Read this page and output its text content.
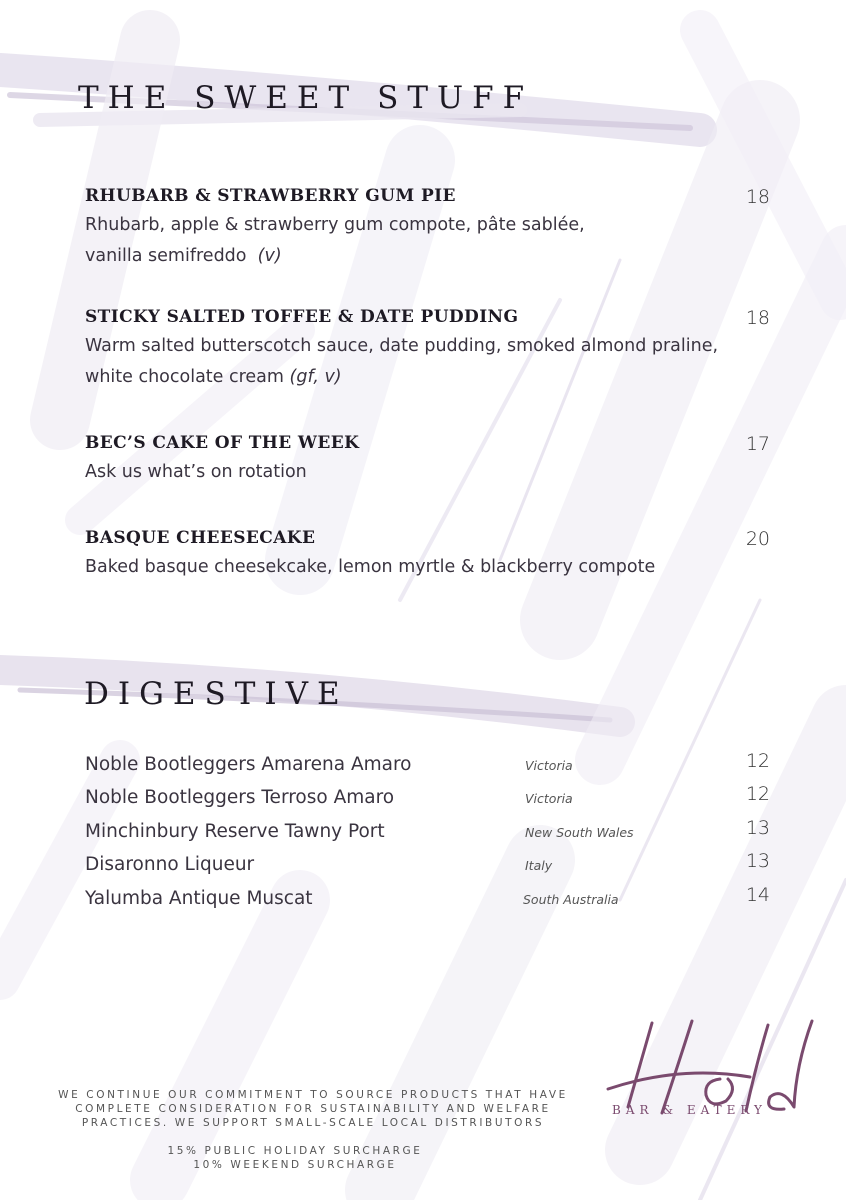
THE SWEET STUFF
RHUBARB & STRAWBERRY GUM PIE
Rhubarb, apple & strawberry gum compote, pâte sablée,
vanilla semifreddo (v)
18
STICKY SALTED TOFFEE & DATE PUDDING
Warm salted butterscotch sauce, date pudding, smoked almond praline,
white chocolate cream (gf, v)
18
BEC’S CAKE OF THE WEEK
Ask us what’s on rotation
17
BASQUE CHEESECAKE
Baked basque cheesekcake, lemon myrtle & blackberry compote
20
DIGESTIVE
Noble Bootleggers Amarena Amaro	Victoria	12
Noble Bootleggers Terroso Amaro	Victoria	12
Minchinbury Reserve Tawny Port	New South Wales	13
Disaronno Liqueur	Italy	13
Yalumba Antique Muscat	South Australia	14
WE CONTINUE OUR COMMITMENT TO SOURCE PRODUCTS THAT HAVE
COMPLETE CONSIDERATION FOR SUSTAINABILITY AND WELFARE
PRACTICES. WE SUPPORT SMALL-SCALE LOCAL DISTRIBUTORS
15% PUBLIC HOLIDAY SURCHARGE
10% WEEKEND SURCHARGE
BAR & EATERY
